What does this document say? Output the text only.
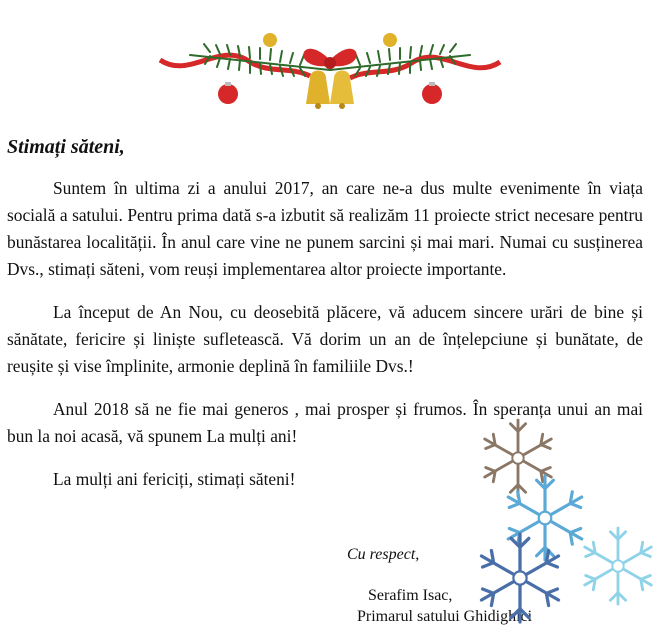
Stimați săteni,

Suntem în ultima zi a anului 2017, an care ne-a dus multe evenimente în viața socială a satului. Pentru prima dată s-a izbutit să realizăm 11 proiecte strict necesare pentru bunăstarea localității. În anul care vine ne punem sarcini și mai mari. Numai cu susținerea Dvs., stimați săteni, vom reuși implementarea altor proiecte importante.

La început de An Nou, cu deosebită plăcere, vă aducem sincere urări de bine și sănătate, fericire și liniște sufletească. Vă dorim un an de înțelepciune și bunătate, de reușite și vise împlinite, armonie deplină în familiile Dvs.!

Anul 2018 să ne fie mai generos , mai prosper și frumos. În speranța unui an mai bun la noi acasă, vă spunem La mulți ani!

La mulți ani fericiți, stimați săteni!

Cu respect,

Serafim Isac,

Primarul satului Ghidighici
